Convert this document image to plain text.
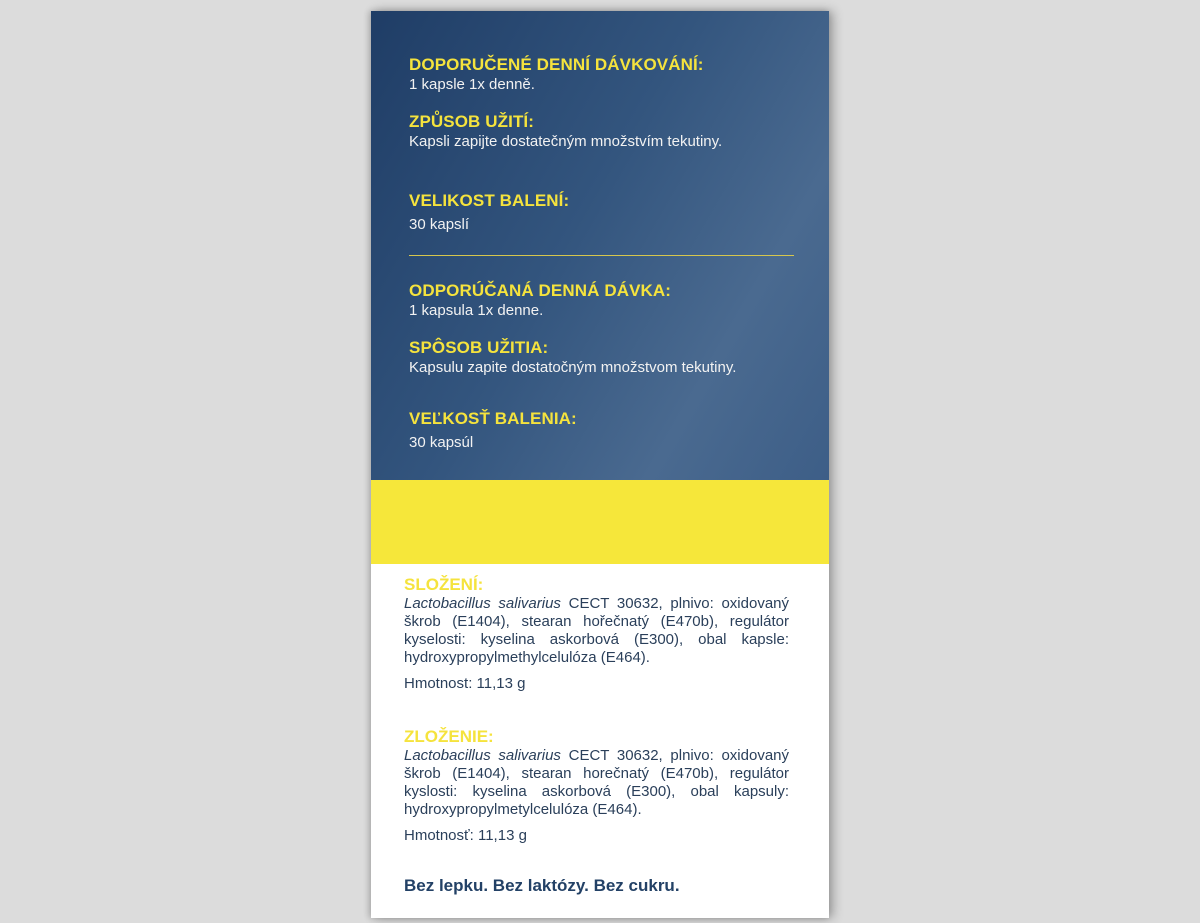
DOPORUČENÉ DENNÍ DÁVKOVÁNÍ:

1 kapsle 1x denně.

ZPŮSOB UŽITÍ:

Kapsli zapijte dostatečným množstvím tekutiny.

VELIKOST BALENÍ:

30 kapslí

ODPORÚČANÁ DENNÁ DÁVKA:

1 kapsula 1x denne.

SPÔSOB UŽITIA:

Kapsulu zapite dostatočným množstvom tekutiny.

VEĽKOSŤ BALENIA:

30 kapsúl

SLOŽENÍ:

Lactobacillus salivarius CECT 30632, plnivo: oxidovaný škrob (E1404), stearan hořečnatý (E470b), regulátor kyselosti: kyselina askorbová (E300), obal kapsle: hydroxypropylmethylcelulóza (E464).

Hmotnost: 11,13 g

ZLOŽENIE:

Lactobacillus salivarius CECT 30632, plnivo: oxidovaný škrob (E1404), stearan horečnatý (E470b), regulátor kyslosti: kyselina askorbová (E300), obal kapsuly: hydroxypropylmetylcelulóza (E464).

Hmotnosť: 11,13 g

Bez lepku. Bez laktózy. Bez cukru.
